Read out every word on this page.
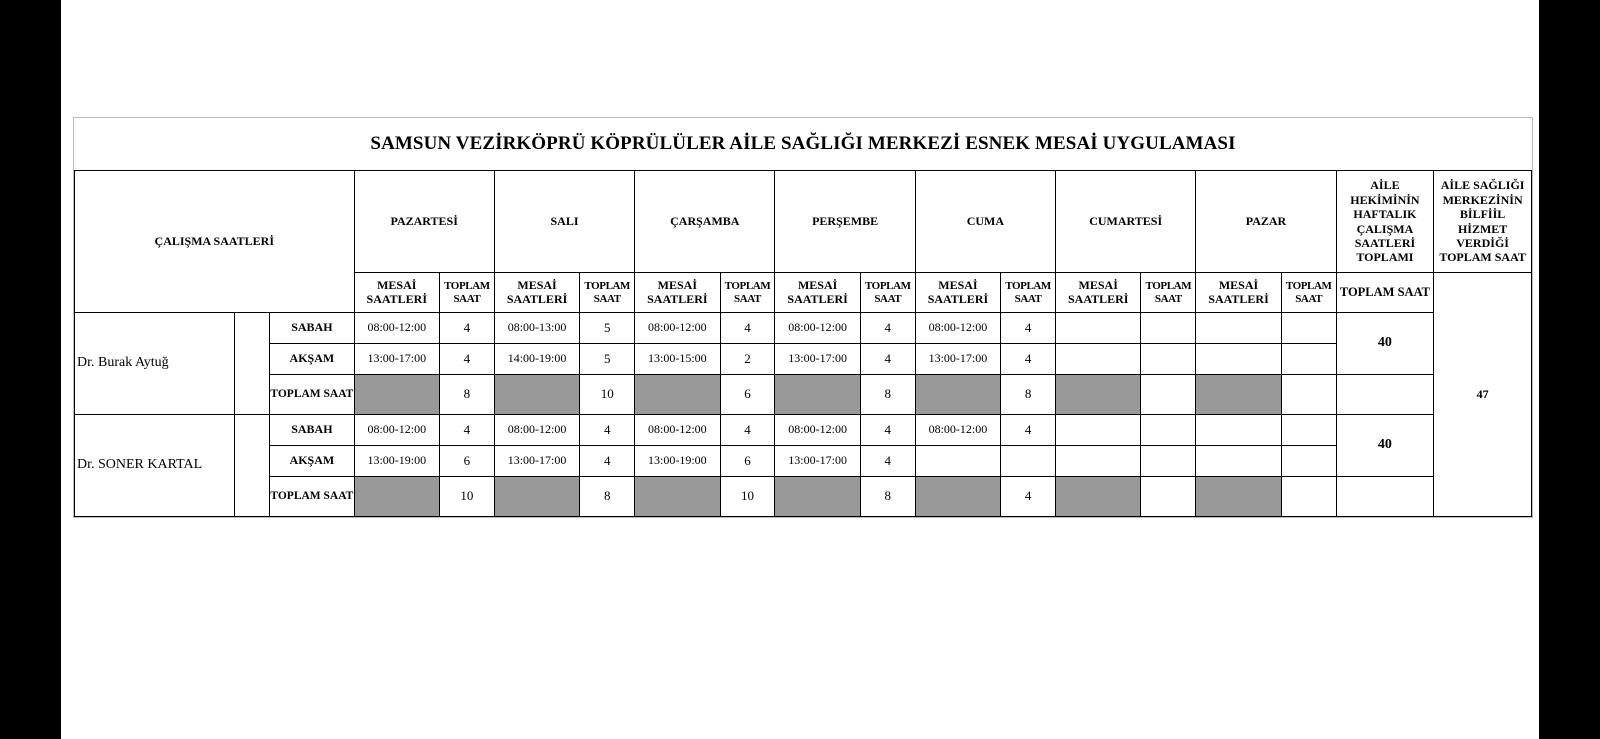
SAMSUN VEZİRKÖPRÜ KÖPRÜLÜLER AİLE SAĞLIĞI MERKEZİ ESNEK MESAİ UYGULAMASI
ÇALIŞMA SAATLERİ			PAZARTESİ		SALI		ÇARŞAMBA		PERŞEMBE		CUMA		CUMARTESİ		PAZAR		AİLE HEKİMİNİN HAFTALIK ÇALIŞMA SAATLERİ TOPLAMI	AİLE SAĞLIĞI MERKEZİNİN BİLFİİL HİZMET VERDİĞİ TOPLAM SAAT
			MESAİ SAATLERİ	TOPLAM SAAT	MESAİ SAATLERİ	TOPLAM SAAT	MESAİ SAATLERİ	TOPLAM SAAT	MESAİ SAATLERİ	TOPLAM SAAT	MESAİ SAATLERİ	TOPLAM SAAT	MESAİ SAATLERİ	TOPLAM SAAT	MESAİ SAATLERİ	TOPLAM SAAT	TOPLAM SAAT	47
Dr. Burak Aytuğ		SABAH	08:00-12:00	4	08:00-13:00	5	08:00-12:00	4	08:00-12:00	4	08:00-12:00	4					40	
		AKŞAM	13:00-17:00	4	14:00-19:00	5	13:00-15:00	2	13:00-17:00	4	13:00-17:00	4						
		TOPLAM SAAT		8		10		6		8		8						
Dr. SONER KARTAL		SABAH	08:00-12:00	4	08:00-12:00	4	08:00-12:00	4	08:00-12:00	4	08:00-12:00	4					40	
		AKŞAM	13:00-19:00	6	13:00-17:00	4	13:00-19:00	6	13:00-17:00	4								
		TOPLAM SAAT		10		8		10		8		4						
